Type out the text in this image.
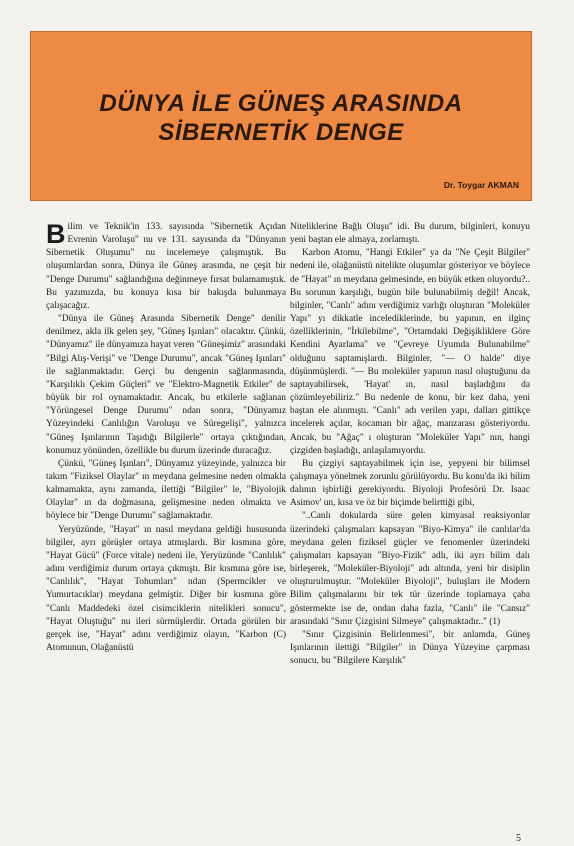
DÜNYA İLE GÜNEŞ ARASINDA
SİBERNETİK DENGE
Dr. Toygar AKMAN

Bilim ve Teknik'in 133. sayısında "Sibernetik Açıdan Evrenin Varoluşu" nu ve 131. sayısında da "Dünyanın Sibernetik Oluşumu" nu incelemeye çalışmıştık. Bu oluşumlardan sonra, Dünya ile Güneş arasında, ne çeşit bir "Denge Durumu" sağlandığına değinmeye fırsat bulamamıştık. Bu yazımızda, bu konuya kısa bir bakışda bulunmaya çalışacağız.

"Dünya ile Güneş Arasında Sibernetik Denge" denilir denilmez, akla ilk gelen şey, "Güneş Işınları" olacaktır. Çünkü, "Dünyamız" ile dünyamıza hayat veren "Güneşimiz" arasındaki "Bilgi Alış-Verişi" ve "Denge Durumu", ancak "Güneş Işınları" ile sağlanmaktadır. Gerçi bu dengenin sağlanmasında, "Karşılıklı Çekim Güçleri" ve "Elektro-Magnetik Etkiler" de büyük bir rol oynamaktadır. Ancak, bu etkilerle sağlanan "Yörüngesel Denge Durumu" ndan sonra, "Dünyamız Yüzeyindeki Canlılığın Varoluşu ve Süregelişi", yalnızca "Güneş Işınlarının Taşıdığı Bilgilerle" ortaya çıktığından, konumuz yönünden, özellikle bu durum üzerinde duracağız.

Çünkü, "Güneş Işınları", Dünyamız yüzeyinde, yalnızca bir takım "Fiziksel Olaylar" ın meydana gelmesine neden olmakla kalmamakta, aynı zamanda, ilettiği "Bilgiler" le, "Biyolojik Olaylar" ın da doğmasına, gelişmesine neden olmakta ve böylece bir "Denge Durumu" sağlamaktadır.

Yeryüzünde, "Hayat" ın nasıl meydana geldiği hususunda bilgiler, ayrı görüşler ortaya atmışlardı. Bir kısmına göre, "Hayat Gücü" (Force vitale) nedeni ile, Yeryüzünde "Canlılık" adını verdiğimiz durum ortaya çıkmıştı. Bir kısmına göre ise, "Canlılık", "Hayat Tohumları" ndan (Spermcikler ve Yumurtacıklar) meydana gelmiştir. Diğer bir kısmına göre "Canlı Maddedeki özel cisimciklerin nitelikleri sonucu", "Hayat Oluştuğu" nu ileri sürmüşlerdir. Ortada görülen bir gerçek ise, "Hayat" adını verdiğimiz olayın, "Karbon (C) Atomunun, Olağanüstü

Niteliklerine Bağlı Oluşu" idi. Bu durum, bilginleri, konuyu yeni baştan ele almaya, zorlamıştı.

Karbon Atomu, "Hangi Etkiler" ya da "Ne Çeşit Bilgiler" nedeni ile, olağanüstü nitelikte oluşumlar gösteriyor ve böylece de "Hayat" ın meydana gelmesinde, en büyük etken oluyordu?.. Bu sorunun karşılığı, bugün bile bulunabilmiş değil! Ancak, bilginler, "Canlı" adını verdiğimiz varlığı oluşturan "Moleküler Yapı" yı dikkatle incelediklerinde, bu yapının, en ilginç özelliklerinin, "İrkilebilme", "Ortamdaki Değişikliklere Göre Kendini Ayarlama" ve "Çevreye Uyumda Bulunabilme" olduğunu saptamışlardı. Bilginler, "— O halde" diye düşünmüşlerdi. "— Bu moleküler yapının nasıl oluştuğunu da saptayabilirsek, 'Hayat' ın, nasıl başladığını da çözümleyebiliriz." Bu nedenle de konu, bir kez daha, yeni baştan ele alınmıştı. "Canlı" adı verilen yapı, dalları gittikçe incelerek açılar, kocaman bir ağaç, manzarası gösteriyordu. Ancak, bu "Ağaç" ı oluşturan "Moleküler Yapı" nın, hangi çizgiden başladığı, anlaşılamıyordu.

Bu çizgiyi saptayabilmek için ise, yepyeni bir bilimsel çalışmaya yönelmek zorunlu görülüyordu. Bu konu'da iki bilim dalının işbirliği gerekiyordu. Biyoloji Profesörü Dr. Isaac Asimov' un, kısa ve öz bir biçimde belirttiği gibi,

"..Canlı dokularda süre gelen kimyasal reaksiyonlar üzerindeki çalışmaları kapsayan "Biyo-Kimya" ile canlılar'da meydana gelen fiziksel güçler ve fenomenler üzerindeki çalışmaları kapsayan "Biyo-Fizik" adlı, iki ayrı bilim dalı birleşerek, "Moleküler-Biyoloji" adı altında, yeni bir disiplin oluşturulmuştur. "Moleküler Biyoloji", buluşları ile Modern Bilim çalışmalarını bir tek tür üzerinde toplamaya çaba göstermekte ise de, ondan daha fazla, "Canlı" ile "Cansız" arasındaki "Sınır Çizgisini Silmeye" çalışmaktadır.." (1)

"Sınır Çizgisinin Belirlenmesi", bir anlamda, Güneş Işınlarının ilettiği "Bilgiler" in Dünya Yüzeyine çarpması sonucu, bu "Bilgilere Karşılık"

5
